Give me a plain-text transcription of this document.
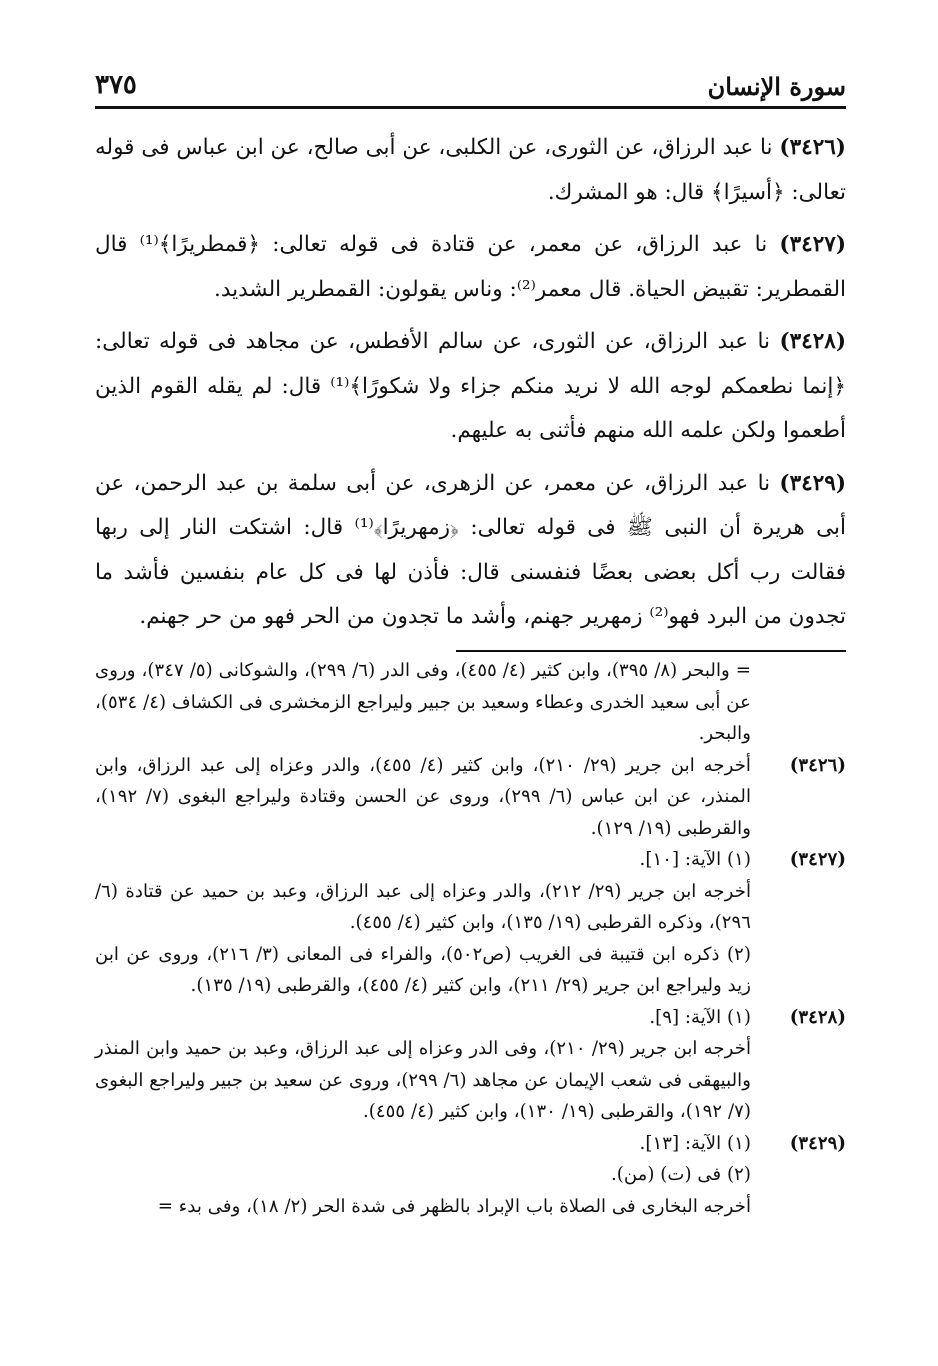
سورة الإنسان
٣٧٥

(٣٤٢٦) نا عبد الرزاق، عن الثورى، عن الكلبى، عن أبى صالح، عن ابن عباس فى قوله تعالى: ﴿أسيرًا﴾ قال: هو المشرك.

(٣٤٢٧) نا عبد الرزاق، عن معمر، عن قتادة فى قوله تعالى: ﴿قمطريرًا﴾⁽¹⁾ قال القمطرير: تقبيض الحياة. قال معمر⁽²⁾: وناس يقولون: القمطرير الشديد.

(٣٤٢٨) نا عبد الرزاق، عن الثورى، عن سالم الأفطس، عن مجاهد فى قوله تعالى: ﴿إنما نطعمكم لوجه الله لا نريد منكم جزاء ولا شكورًا﴾⁽¹⁾ قال: لم يقله القوم الذين أطعموا ولكن علمه الله منهم فأثنى به عليهم.

(٣٤٢٩) نا عبد الرزاق، عن معمر، عن الزهرى، عن أبى سلمة بن عبد الرحمن، عن أبى هريرة أن النبى ﷺ فى قوله تعالى: ﴿زمهريرًا﴾⁽¹⁾ قال: اشتكت النار إلى ربها فقالت رب أكل بعضى بعضًا فنفسنى قال: فأذن لها فى كل عام بنفسين فأشد ما تجدون من البرد فهو⁽²⁾ زمهرير جهنم، وأشد ما تجدون من الحر فهو من حر جهنم.

= والبحر (٨/ ٣٩٥)، وابن كثير (٤/ ٤٥٥)، وفى الدر (٦/ ٢٩٩)، والشوكانى (٥/ ٣٤٧)، وروى عن أبى سعيد الخدرى وعطاء وسعيد بن جبير وليراجع الزمخشرى فى الكشاف (٤/ ٥٣٤)، والبحر.

(٣٤٢٦)
أخرجه ابن جرير (٢٩/ ٢١٠)، وابن كثير (٤/ ٤٥٥)، والدر وعزاه إلى عبد الرزاق، وابن المنذر، عن ابن عباس (٦/ ٢٩٩)، وروى عن الحسن وقتادة وليراجع البغوى (٧/ ١٩٢)، والقرطبى (١٩/ ١٢٩).
(٣٤٢٧)
(١) الآية: [١٠].

أخرجه ابن جرير (٢٩/ ٢١٢)، والدر وعزاه إلى عبد الرزاق، وعبد بن حميد عن قتادة (٦/ ٢٩٦)، وذكره القرطبى (١٩/ ١٣٥)، وابن كثير (٤/ ٤٥٥).

(٢) ذكره ابن قتيبة فى الغريب (ص٥٠٢)، والفراء فى المعانى (٣/ ٢١٦)، وروى عن ابن زيد وليراجع ابن جرير (٢٩/ ٢١١)، وابن كثير (٤/ ٤٥٥)، والقرطبى (١٩/ ١٣٥).

(٣٤٢٨)
(١) الآية: [٩].

أخرجه ابن جرير (٢٩/ ٢١٠)، وفى الدر وعزاه إلى عبد الرزاق، وعبد بن حميد وابن المنذر والبيهقى فى شعب الإيمان عن مجاهد (٦/ ٢٩٩)، وروى عن سعيد بن جبير وليراجع البغوى (٧/ ١٩٢)، والقرطبى (١٩/ ١٣٠)، وابن كثير (٤/ ٤٥٥).

(٣٤٢٩)
(١) الآية: [١٣].

(٢) فى (ت) (من).

أخرجه البخارى فى الصلاة باب الإبراد بالظهر فى شدة الحر (٢/ ١٨)، وفى بدء =
